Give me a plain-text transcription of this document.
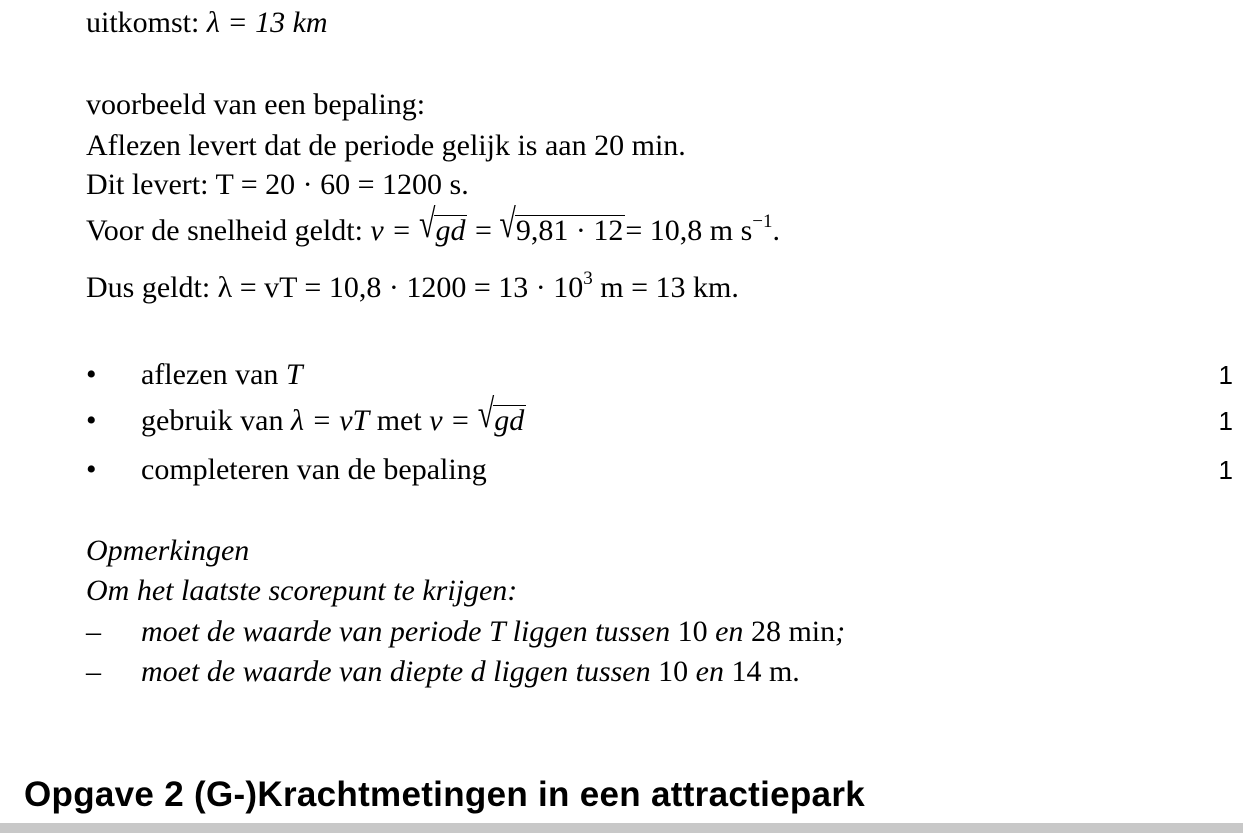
uitkomst: λ = 13 km
voorbeeld van een bepaling:
Aflezen levert dat de periode gelijk is aan 20 min.
Dit levert: T = 20 · 60 = 1200 s.
Voor de snelheid geldt: v = √gd = √9,81 · 12= 10,8 m $s^{-1}$.
Dus geldt: λ = vT = $10,8 \cdot 1200 = 13 \cdot 10^3$ m = 13 km.
• aflezen van T	1
• gebruik van λ = vT met v = √gd	1
• completeren van de bepaling	1
Opmerkingen
Om het laatste scorepunt te krijgen:
– moet de waarde van periode T liggen tussen 10 en 28 min;
– moet de waarde van diepte d liggen tussen 10 en 14 m.
Opgave 2 (G-)Krachtmetingen in een attractiepark
